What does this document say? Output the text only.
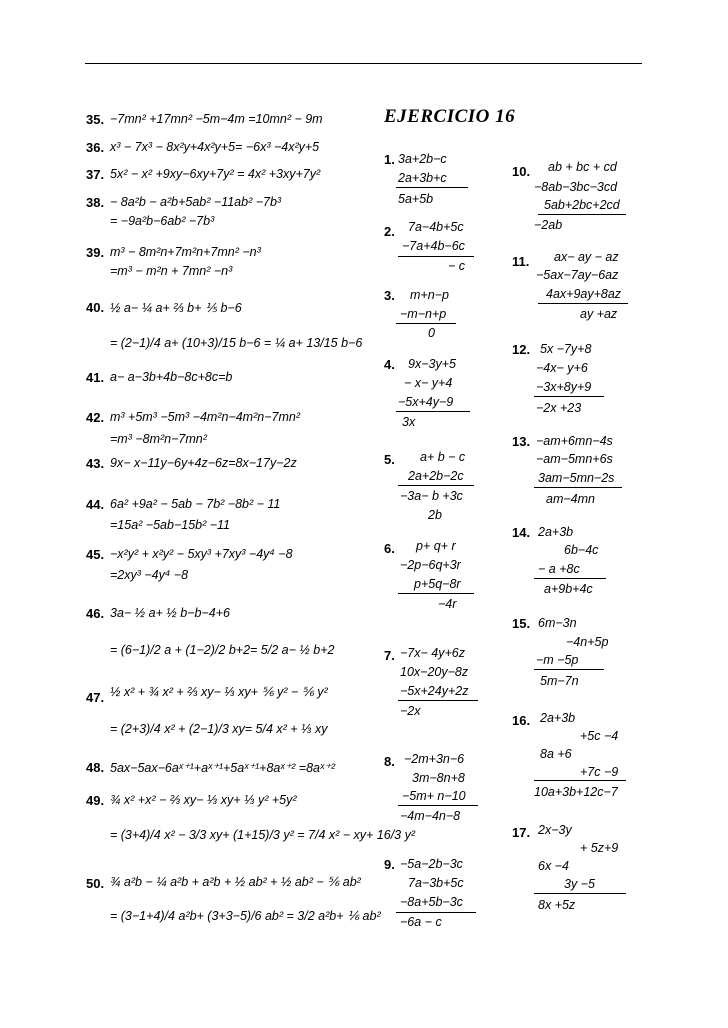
35. −7mn² +17mn² −5m−4m =10mn² − 9m
36. x³ − 7x³ − 8x²y+4x²y+5= −6x³ −4x²y+5
37. 5x² − x² +9xy−6xy+7y² = 4x² +3xy+7y²
38. − 8a²b − a²b+5ab² −11ab² −7b³
= −9a²b−6ab² −7b³
39. m³ − 8m²n+7m²n+7mn² −n³
=m³ − m²n + 7mn² −n³
40. ½ a− ¼ a+ ⅔ b+ ⅕ b−6
= (2−1)/4 a+ (10+3)/15 b−6 = ¼ a+ 13/15 b−6
41. a− a−3b+4b−8c+8c=b
42. m³ +5m³ −5m³ −4m²n−4m²n−7mn²
=m³ −8m²n−7mn²
43. 9x− x−11y−6y+4z−6z=8x−17y−2z
44. 6a² +9a² − 5ab − 7b² −8b² − 11
=15a² −5ab−15b² −11
45. −x²y² + x²y² − 5xy³ +7xy³ −4y⁴ −8
=2xy³ −4y⁴ −8
46. 3a− ½ a+ ½ b−b−4+6
= (6−1)/2 a + (1−2)/2 b+2= 5/2 a− ½ b+2
47. ½ x² + ¾ x² + ⅔ xy− ⅓ xy+ ⅚ y² − ⅚ y²
= (2+3)/4 x² + (2−1)/3 xy= 5/4 x² + ⅓ xy
48. 5ax−5ax−6aˣ⁺¹+aˣ⁺¹+5aˣ⁺¹+8aˣ⁺² =8aˣ⁺²
49. ¾ x² +x² − ⅔ xy− ⅓ xy+ ⅓ y² +5y²
= (3+4)/4 x² − 3/3 xy+ (1+15)/3 y² = 7/4 x² − xy+ 16/3 y²
50. ¾ a²b − ¼ a²b + a²b + ½ ab² + ½ ab² − ⅚ ab²
= (3−1+4)/4 a²b+ (3+3−5)/6 ab² = 3/2 a²b+ ⅙ ab²
EJERCICIO 16
1. 3a+2b−c
2a+3b+c
5a+5b
2. 7a−4b+5c
−7a+4b−6c
− c
3. m+n−p
−m−n+p
0
4. 9x−3y+5
− x− y+4
−5x+4y−9
3x
5. a+ b − c
2a+2b−2c
−3a− b +3c
2b
6. p+ q+ r
−2p−6q+3r
p+5q−8r
−4r
7. −7x− 4y+6z
10x−20y−8z
−5x+24y+2z
−2x
8. −2m+3n−6
3m−8n+8
−5m+ n−10
−4m−4n−8
9. −5a−2b−3c
7a−3b+5c
−8a+5b−3c
−6a − c
10. ab + bc + cd
−8ab−3bc−3cd
5ab+2bc+2cd
−2ab
11. ax− ay − az
−5ax−7ay−6az
4ax+9ay+8az
ay +az
12. 5x −7y+8
−4x− y+6
−3x+8y+9
−2x +23
13. −am+6mn−4s
−am−5mn+6s
3am−5mn−2s
am−4mn
14. 2a+3b
6b−4c
− a +8c
a+9b+4c
15. 6m−3n
−4n+5p
−m −5p
5m−7n
16. 2a+3b
+5c −4
8a +6
+7c −9
10a+3b+12c−7
17. 2x−3y
+ 5z+9
6x −4
3y −5
8x +5z
